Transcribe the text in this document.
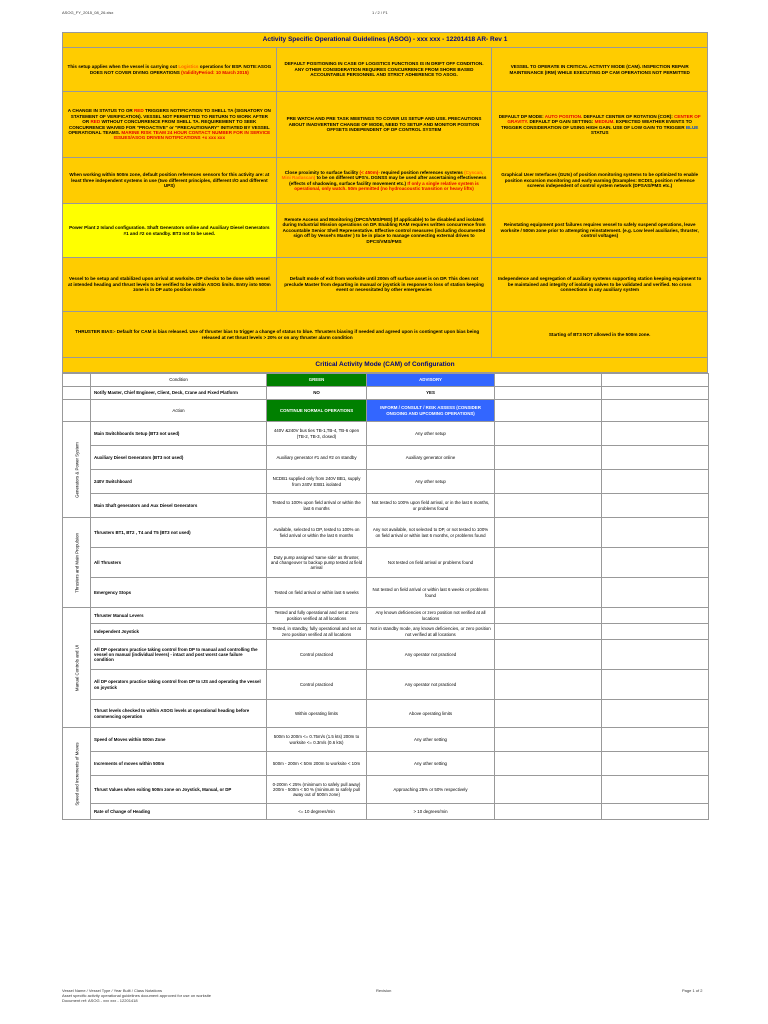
ASOG_FY_2015_08_26.xlsx	1 / 2 / F1
Activity Specific Operational Guidelines (ASOG) - xxx xxx - 12201418 AR- Rev 1
This setup applies when the vessel is carrying out Logistics operations for BSP. NOTE:ASOG DOES NOT COVER DIVING OPERATIONS (ValidityPeriod: 10 March 2015)
DEFAULT POSITIONING IN CASE OF LOGISTICS FUNCTIONS IS IN DRIFT OFF CONDITION. ANY OTHER CONSIDERATION REQUIRES CONCURRENCE FROM SHORE BASED ACCOUNTABLE PERSONNEL AND STRICT ADHERENCE TO ASOG.
VESSEL TO OPERATE IN CRITICAL ACTIVITY MODE (CAM). INSPECTION REPAIR MAINTENANCE (IRM) WHILE EXECUTING DP CAM OPERATIONS NOT PERMITTED
A CHANGE IN STATUS TO OR RED TRIGGERS NOTIFICATION TO SHELL TA (SIGNATORY ON STATEMENT OF VERIFICATION). VESSEL NOT PERMITTED TO RETURN TO WORK AFTER OR RED WITHOUT CONCURRENCE FROM SHELL TA. REQUIREMENT TO SEEK CONCURRENCE WAIVED FOR "PROACTIVE" or "PRECAUTIONARY" INITIATED BY VESSEL OPERATIONAL TEAMS. MARINE RISK TEAM 24 HOUR CONTACT NUMBER FOR IN SERVICE ISSUES/ASOG DRIVEN NOTIFICATIONS +x xxx xxx
PRE WATCH AND PRE TASK MEETINGS TO COVER US SETUP AND USE. PRECAUTIONS ABOUT INADVERTENT CHANGE OF MODE, NEED TO SETUP AND MONITOR POSITION OFFSETS INDEPENDENT OF DP CONTROL SYSTEM
DEFAULT DP MODE: AUTO POSITION. DEFAULT CENTER OF ROTATION (COR): CENTER OF GRAVITY. DEFAULT DP GAIN SETTING: MEDIUM. EXPECTED WEATHER EVENTS TO TRIGGER CONSIDERATION OF USING HIGH GAIN. USE OF LOW GAIN TO TRIGGER BLUE STATUS
When working within 500m zone, default position references sensors for this activity are: at least three independent systems in use (two different principles, different I/O and different UPS)
Close proximity to surface facility (< 450m)- required position references systems (Cyscan, Mini Radascan) to be on different UPS's. DGNSS may be used after ascertaining effectiveness (effects of shadowing, surface facility movement etc.) If only a single relative system is operational, only watch. 50m permitted (no hydroacoustic transition or heavy lifts)
Graphical User Interfaces (GUIs) of position monitoring systems to be optimized to enable position excursion monitoring and early warning (Examples: ECDIS, position reference screens independent of control system network (DPSAS/PMS etc.)
Power Plant 2 Island configuration. Shaft Generators online and Auxiliary Diesel Generators #1 and #2 on standby. BT3 not to be used.
Remote Access and Monitoring (DPCS/VMS/PMS) (If applicable) to be disabled and isolated during Industrial Mission operations on DP. Enabling RAM requires written concurrence from Accountable Senior Shell Representative. Effective control measures (including documented sign off by Vessel's Master ) to be in place to manage connecting external drives to DPCS/VMS/PMS
Reinstating equipment post failures requires vessel to safely suspend operations, leave worksite / 500m zone prior to attempting reinstatement. (e.g. Low level auxiliaries, thruster, control voltages)
Vessel to be setup and stabilized upon arrival at worksite. DP checks to be done with vessel at intended heading and thrust levels to be verified to be within ASOG limits. Entry into 500m zone is in DP auto position mode
Default mode of exit from worksite until 200m off surface asset is on DP. This does not preclude Master from departing in manual or joystick in response to loss of station keeping event or necessitated by other emergencies
Independence and segregation of auxiliary systems supporting station keeping equipment to be maintained and integrity of isolating valves to be validated and verified. No cross connections in any auxiliary system
THRUSTER BIAS:- Default for CAM is bias released. Use of thruster bias to trigger a change of status to blue. Thrusters biasing if needed and agreed upon is contingent upon bias being released at net thrust levels > 20% or on any thruster alarm condition
Starting of BT3 NOT allowed in the 500m zone.
Critical Activity Mode (CAM) of Configuration
	Condition	GREEN	ADVISORY		
	Notify Master, Chief Engineer, Client, Deck, Crane and Fixed Platform	NO	YES		
	Action	CONTINUE NORMAL OPERATIONS	INFORM / CONSULT / RISK ASSESS (CONSIDER ONGOING AND UPCOMING OPERATIONS)		

Generators & Power System	Main Switchboards Setup (BT3 not used)	440V &240V bus ties TB-1,TB-4, TB-6 open (TB-2, TB-3, closed)	Any other setup		
	Auxiliary Diesel Generators (BT3 not used)	Auxiliary generator #1 and #2 on standby	Auxiliary generator online		
	240V Switchboard	NCDB1 supplied only from 240V BB1, supply from 240V ESB1 isolated	Any other setup		
	Main Shaft generators and Aux Diesel Generators	Tested to 100% upon field arrival or within the last 6 months	Not tested to 100% upon field arrival, or in the last 6 months, or problems found		

Thrusters and Main Propulsion	Thrusters BT1, BT2 , T4 and T5 (BT3 not used)	Available, selected to DP, tested to 100% on field arrival or within the last 6 months	Any not available, not selected to DP, or not tested to 100% on field arrival or within last 6 months, or problems found		
	All Thrusters	Duty pump assigned 'same side' as thruster, and changeover to backup pump tested at field arrival	Not tested on field arrival or problems found		
	Emergency Stops	Tested on field arrival or within last 6 weeks	Not tested on field arrival or within last 6 weeks or problems found		

Manual Controls and UI	Thruster Manual Levers	Tested and fully operational and set at zero position verified at all locations	Any known deficiencies or zero position not verified at all locations		
	Independent Joystick	Tested, in standby, fully operational and set at zero position verified at all locations	Not in standby mode, any known deficiencies, or zero position not verified at all locations		
	All DP operators practice taking control from DP to manual and controlling the vessel on manual (individual levers) - intact and post worst case failure condition	Control practiced	Any operator not practiced		
	All DP operators practice taking control from DP to IJS and operating the vessel on joystick	Control practiced	Any operator not practiced		
	Thrust levels checked to within ASOG levels at operational heading before commencing operation	Within operating limits	Above operating limits		

Speed and Increments of Moves	Speed of Moves within 500m Zone	500m to 200m <= 0.75m/s (1.5 kts) 200m to worksite <= 0.3m/s (0.6 kts)	Any other setting		
	Increments of moves within 500m	500m - 200m < 50m 200m to worksite < 10m	Any other setting		
	Thrust Values when exiting 500m zone on Joystick, Manual, or DP	0-200m < 25% (minimum to safely pull away) 200m - 500m < 50 % (minimum to safely pull away out of 500m zone)	Approaching 25% or 50% respectively		
	Rate of Change of Heading	<= 10 degrees/min	> 10 degrees/min		
Vessel Name / Vessel Type / Year Built / Class Notations
Asset specific activity operational guidelines document approved for use on worksite
Document ref: ASOG - xxx xxx - 12201418
Revision	Page 1 of 2
